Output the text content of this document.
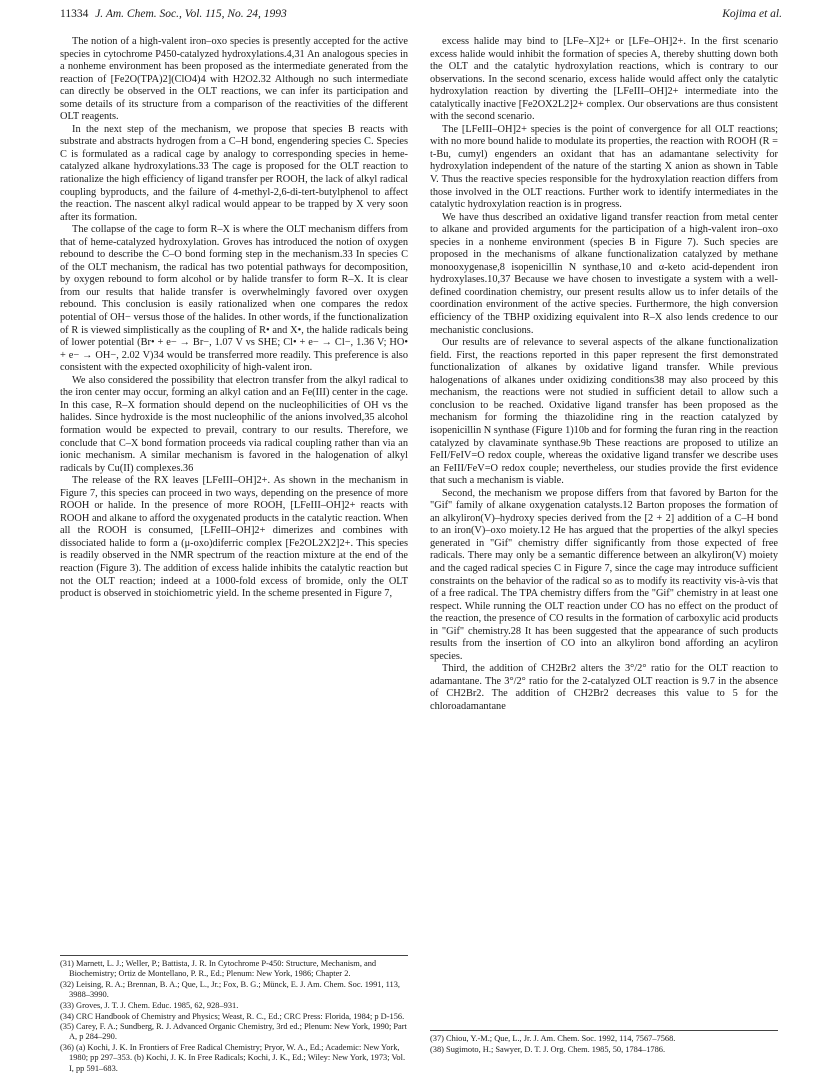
11334 J. Am. Chem. Soc., Vol. 115, No. 24, 1993	Kojima et al.

The notion of a high-valent iron–oxo species is presently accepted for the active species in cytochrome P450-catalyzed hydroxylations.4,31 An analogous species in a nonheme environment has been proposed as the intermediate generated from the reaction of [Fe2O(TPA)2](ClO4)4 with H2O2.32 Although no such intermediate can directly be observed in the OLT reactions, we can infer its participation and some details of its structure from a comparison of the reactivities of the different OLT reagents.

In the next step of the mechanism, we propose that species B reacts with substrate and abstracts hydrogen from a C–H bond, engendering species C. Species C is formulated as a radical cage by analogy to corresponding species in heme-catalyzed alkane hydroxylations.33 The cage is proposed for the OLT reaction to rationalize the high efficiency of ligand transfer per ROOH, the lack of alkyl radical coupling byproducts, and the failure of 4-methyl-2,6-di-tert-butylphenol to affect the reaction. The nascent alkyl radical would appear to be trapped by X very soon after its formation.

The collapse of the cage to form R–X is where the OLT mechanism differs from that of heme-catalyzed hydroxylation. Groves has introduced the notion of oxygen rebound to describe the C–O bond forming step in the mechanism.33 In species C of the OLT mechanism, the radical has two potential pathways for decomposition, by oxygen rebound to form alcohol or by halide transfer to form R–X. It is clear from our results that halide transfer is overwhelmingly favored over oxygen rebound. This conclusion is easily rationalized when one compares the redox potential of OH− versus those of the halides. In other words, if the functionalization of R is viewed simplistically as the coupling of R• and X•, the halide radicals being of lower potential (Br• + e− → Br−, 1.07 V vs SHE; Cl• + e− → Cl−, 1.36 V; HO• + e− → OH−, 2.02 V)34 would be transferred more readily. This preference is also consistent with the expected oxophilicity of high-valent iron.

We also considered the possibility that electron transfer from the alkyl radical to the iron center may occur, forming an alkyl cation and an Fe(III) center in the cage. In this case, R–X formation should depend on the nucleophilicities of OH vs the halides. Since hydroxide is the most nucleophilic of the anions involved,35 alcohol formation would be expected to prevail, contrary to our results. Therefore, we conclude that C–X bond formation proceeds via radical coupling rather than via an ionic mechanism. A similar mechanism is favored in the halogenation of alkyl radicals by Cu(II) complexes.36

The release of the RX leaves [LFeIII–OH]2+. As shown in the mechanism in Figure 7, this species can proceed in two ways, depending on the presence of more ROOH or halide. In the presence of more ROOH, [LFeIII–OH]2+ reacts with ROOH and alkane to afford the oxygenated products in the catalytic reaction. When all the ROOH is consumed, [LFeIII–OH]2+ dimerizes and combines with dissociated halide to form a (μ-oxo)diferric complex [Fe2OL2X2]2+. This species is readily observed in the NMR spectrum of the reaction mixture at the end of the reaction (Figure 3). The addition of excess halide inhibits the catalytic reaction but not the OLT reaction; indeed at a 1000-fold excess of bromide, only the OLT product is observed in stoichiometric yield. In the scheme presented in Figure 7,

excess halide may bind to [LFe–X]2+ or [LFe–OH]2+. In the first scenario excess halide would inhibit the formation of species A, thereby shutting down both the OLT and the catalytic hydroxylation reactions, which is contrary to our observations. In the second scenario, excess halide would affect only the catalytic hydroxylation reaction by diverting the [LFeIII–OH]2+ intermediate into the catalytically inactive [Fe2OX2L2]2+ complex. Our observations are thus consistent with the second scenario.

The [LFeIII–OH]2+ species is the point of convergence for all OLT reactions; with no more bound halide to modulate its properties, the reaction with ROOH (R = t-Bu, cumyl) engenders an oxidant that has an adamantane selectivity for hydroxylation independent of the nature of the starting X anion as shown in Table V. Thus the reactive species responsible for the hydroxylation reaction differs from those involved in the OLT reactions. Further work to identify intermediates in the catalytic hydroxylation reaction is in progress.

We have thus described an oxidative ligand transfer reaction from metal center to alkane and provided arguments for the participation of a high-valent iron–oxo species in a nonheme environment (species B in Figure 7). Such species are proposed in the mechanisms of alkane functionalization catalyzed by methane monooxygenase,8 isopenicillin N synthase,10 and α-keto acid-dependent iron hydroxylases.10,37 Because we have chosen to investigate a system with a well-defined coordination chemistry, our present results allow us to infer details of the coordination environment of the active species. Furthermore, the high conversion efficiency of the TBHP oxidizing equivalent into R–X also lends credence to our mechanistic conclusions.

Our results are of relevance to several aspects of the alkane functionalization field. First, the reactions reported in this paper represent the first demonstrated functionalization of alkanes by oxidative ligand transfer. While previous halogenations of alkanes under oxidizing conditions38 may also proceed by this mechanism, the reactions were not studied in sufficient detail to allow such a conclusion to be reached. Oxidative ligand transfer has been proposed as the mechanism for forming the thiazolidine ring in the reaction catalyzed by isopenicillin N synthase (Figure 1)10b and for forming the furan ring in the reaction catalyzed by clavaminate synthase.9b These reactions are proposed to utilize an FeII/FeIV=O redox couple, whereas the oxidative ligand transfer we describe uses an FeIII/FeV=O redox couple; nevertheless, our studies provide the first evidence that such a mechanism is viable.

Second, the mechanism we propose differs from that favored by Barton for the "Gif" family of alkane oxygenation catalysts.12 Barton proposes the formation of an alkyliron(V)–hydroxy species derived from the [2 + 2] addition of a C–H bond to an iron(V)–oxo moiety.12 He has argued that the properties of the alkyl species generated in "Gif" chemistry differ significantly from those expected of free radicals. There may only be a semantic difference between an alkyliron(V) moiety and the caged radical species C in Figure 7, since the cage may introduce sufficient constraints on the behavior of the radical so as to modify its reactivity vis-à-vis that of a free radical. The TPA chemistry differs from the "Gif" chemistry in at least one respect. While running the OLT reaction under CO has no effect on the product of the reaction, the presence of CO results in the formation of carboxylic acid products in "Gif" chemistry.28 It has been suggested that the appearance of such products results from the insertion of CO into an alkyliron bond affording an acyliron species.

Third, the addition of CH2Br2 alters the 3°/2° ratio for the OLT reaction to adamantane. The 3°/2° ratio for the 2-catalyzed OLT reaction is 9.7 in the absence of CH2Br2. The addition of CH2Br2 decreases this value to 5 for the chloroadamantane

(31) Marnett, L. J.; Weller, P.; Battista, J. R. In Cytochrome P-450: Structure, Mechanism, and Biochemistry; Ortiz de Montellano, P. R., Ed.; Plenum: New York, 1986; Chapter 2.
(32) Leising, R. A.; Brennan, B. A.; Que, L., Jr.; Fox, B. G.; Münck, E. J. Am. Chem. Soc. 1991, 113, 3988–3990.
(33) Groves, J. T. J. Chem. Educ. 1985, 62, 928–931.
(34) CRC Handbook of Chemistry and Physics; Weast, R. C., Ed.; CRC Press: Florida, 1984; p D-156.
(35) Carey, F. A.; Sundberg, R. J. Advanced Organic Chemistry, 3rd ed.; Plenum: New York, 1990; Part A, p 284–290.
(36) (a) Kochi, J. K. In Frontiers of Free Radical Chemistry; Pryor, W. A., Ed.; Academic: New York, 1980; pp 297–353. (b) Kochi, J. K. In Free Radicals; Kochi, J. K., Ed.; Wiley: New York, 1973; Vol. I, pp 591–683.
(37) Chiou, Y.-M.; Que, L., Jr. J. Am. Chem. Soc. 1992, 114, 7567–7568.
(38) Sugimoto, H.; Sawyer, D. T. J. Org. Chem. 1985, 50, 1784–1786.
